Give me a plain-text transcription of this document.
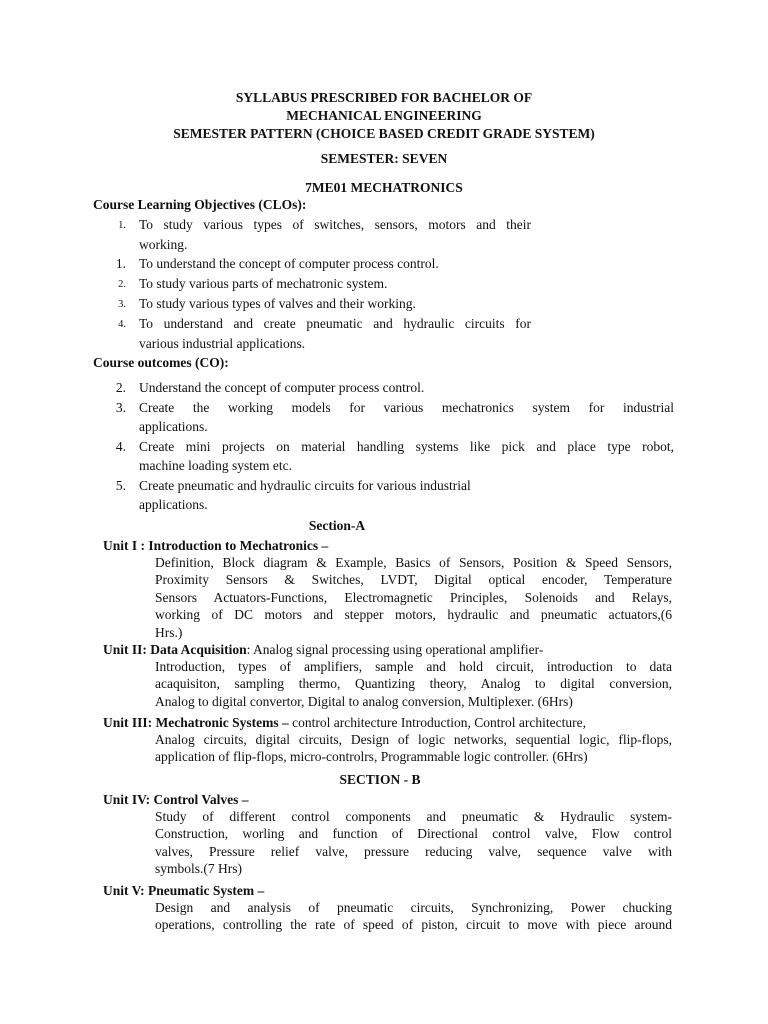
SYLLABUS PRESCRIBED FOR BACHELOR OF
MECHANICAL ENGINEERING
SEMESTER PATTERN (CHOICE BASED CREDIT GRADE SYSTEM)
SEMESTER: SEVEN
7ME01 MECHATRONICS
Course Learning Objectives (CLOs):
1. To study various types of switches, sensors, motors and their
working.
1. To understand the concept of computer process control.
2. To study various parts of mechatronic system.
3. To study various types of valves and their working.
4. To understand and create pneumatic and hydraulic circuits for
various industrial applications.
Course outcomes (CO):
2. Understand the concept of computer process control.
3. Create the working models for various mechatronics system for industrial
applications.
4. Create mini projects on material handling systems like pick and place type robot,
machine loading system etc.
5. Create pneumatic and hydraulic circuits for various industrial
applications.
Section-A
Unit I : Introduction to Mechatronics –
Definition, Block diagram & Example, Basics of Sensors, Position & Speed Sensors,
Proximity Sensors & Switches, LVDT, Digital optical encoder, Temperature
Sensors Actuators-Functions, Electromagnetic Principles, Solenoids and Relays,
working of DC motors and stepper motors, hydraulic and pneumatic actuators,(6
Hrs.)
Unit II: Data Acquisition: Analog signal processing using operational amplifier-
Introduction, types of amplifiers, sample and hold circuit, introduction to data
acaquisiton, sampling thermo, Quantizing theory, Analog to digital conversion,
Analog to digital convertor, Digital to analog conversion, Multiplexer. (6Hrs)
Unit III: Mechatronic Systems – control architecture Introduction, Control architecture,
Analog circuits, digital circuits, Design of logic networks, sequential logic, flip-flops,
application of flip-flops, micro-controlrs, Programmable logic controller. (6Hrs)
SECTION - B
Unit IV: Control Valves –
Study of different control components and pneumatic & Hydraulic system-
Construction, worling and function of Directional control valve, Flow control
valves, Pressure relief valve, pressure reducing valve, sequence valve with
symbols.(7 Hrs)
Unit V: Pneumatic System –
Design and analysis of pneumatic circuits, Synchronizing, Power chucking
operations, controlling the rate of speed of piston, circuit to move with piece around
